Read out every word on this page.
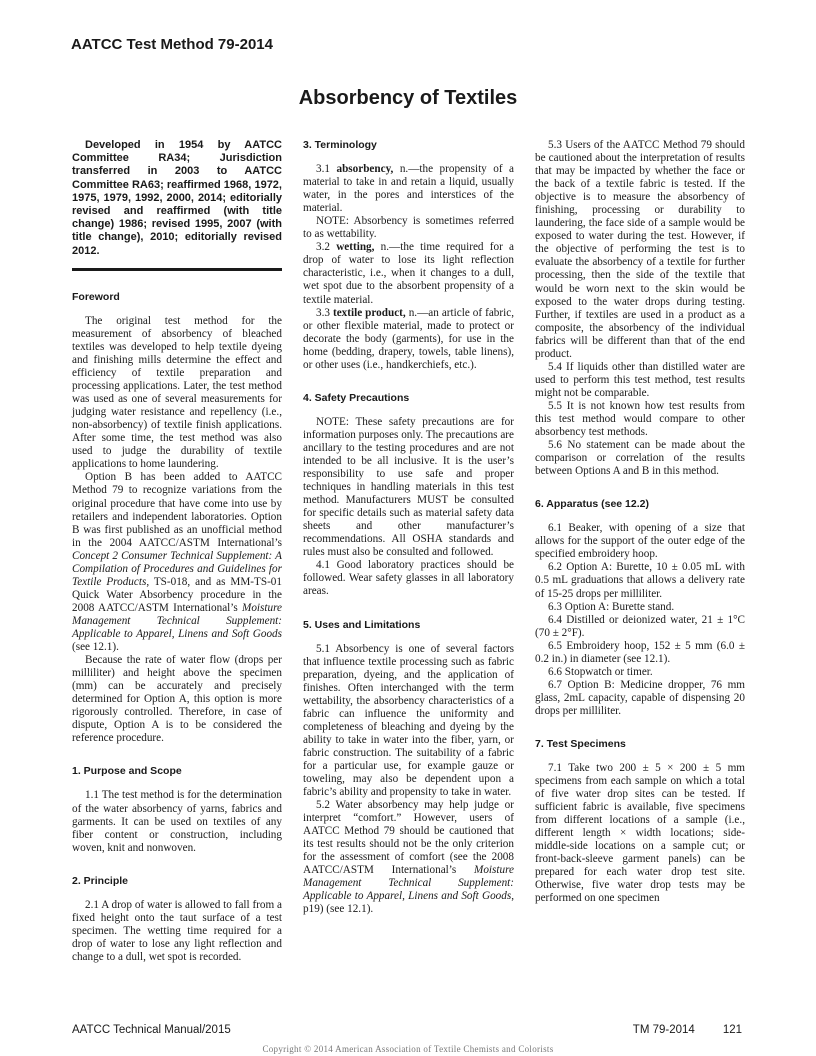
AATCC Test Method 79-2014
Absorbency of Textiles

Developed in 1954 by AATCC Committee RA34; Jurisdiction transferred in 2003 to AATCC Committee RA63; reaffirmed 1968, 1972, 1975, 1979, 1992, 2000, 2014; editorially revised and reaffirmed (with title change) 1986; revised 1995, 2007 (with title change), 2010; editorially revised 2012.

Foreword

The original test method for the measurement of absorbency of bleached textiles was developed to help textile dyeing and finishing mills determine the effect and efficiency of textile preparation and processing applications. Later, the test method was used as one of several measurements for judging water resistance and repellency (i.e., non-absorbency) of textile finish applications. After some time, the test method was also used to judge the durability of textile applications to home laundering.

Option B has been added to AATCC Method 79 to recognize variations from the original procedure that have come into use by retailers and independent laboratories. Option B was first published as an unofficial method in the 2004 AATCC/ASTM International’s Concept 2 Consumer Technical Supplement: A Compilation of Procedures and Guidelines for Textile Products, TS-018, and as MM-TS-01 Quick Water Absorbency procedure in the 2008 AATCC/ASTM International’s Moisture Management Technical Supplement: Applicable to Apparel, Linens and Soft Goods (see 12.1).

Because the rate of water flow (drops per milliliter) and height above the specimen (mm) can be accurately and precisely determined for Option A, this option is more rigorously controlled. Therefore, in case of dispute, Option A is to be considered the reference procedure.

1. Purpose and Scope

1.1 The test method is for the determination of the water absorbency of yarns, fabrics and garments. It can be used on textiles of any fiber content or construction, including woven, knit and nonwoven.

2. Principle

2.1 A drop of water is allowed to fall from a fixed height onto the taut surface of a test specimen. The wetting time required for a drop of water to lose any light reflection and change to a dull, wet spot is recorded.

3. Terminology

3.1 absorbency, n.—the propensity of a material to take in and retain a liquid, usually water, in the pores and interstices of the material.

NOTE: Absorbency is sometimes referred to as wettability.

3.2 wetting, n.—the time required for a drop of water to lose its light reflection characteristic, i.e., when it changes to a dull, wet spot due to the absorbent propensity of a textile material.

3.3 textile product, n.—an article of fabric, or other flexible material, made to protect or decorate the body (garments), for use in the home (bedding, drapery, towels, table linens), or other uses (i.e., handkerchiefs, etc.).

4. Safety Precautions

NOTE: These safety precautions are for information purposes only. The precautions are ancillary to the testing procedures and are not intended to be all inclusive. It is the user’s responsibility to use safe and proper techniques in handling materials in this test method. Manufacturers MUST be consulted for specific details such as material safety data sheets and other manufacturer’s recommendations. All OSHA standards and rules must also be consulted and followed.

4.1 Good laboratory practices should be followed. Wear safety glasses in all laboratory areas.

5. Uses and Limitations

5.1 Absorbency is one of several factors that influence textile processing such as fabric preparation, dyeing, and the application of finishes. Often interchanged with the term wettability, the absorbency characteristics of a fabric can influence the uniformity and completeness of bleaching and dyeing by the ability to take in water into the fiber, yarn, or fabric construction. The suitability of a fabric for a particular use, for example gauze or toweling, may also be dependent upon a fabric’s ability and propensity to take in water.

5.2 Water absorbency may help judge or interpret “comfort.” However, users of AATCC Method 79 should be cautioned that its test results should not be the only criterion for the assessment of comfort (see the 2008 AATCC/ASTM International’s Moisture Management Technical Supplement: Applicable to Apparel, Linens and Soft Goods, p19) (see 12.1).

5.3 Users of the AATCC Method 79 should be cautioned about the interpretation of results that may be impacted by whether the face or the back of a textile fabric is tested. If the objective is to measure the absorbency of finishing, processing or durability to laundering, the face side of a sample would be exposed to water during the test. However, if the objective of performing the test is to evaluate the absorbency of a textile for further processing, then the side of the textile that would be worn next to the skin would be exposed to the water drops during testing. Further, if textiles are used in a product as a composite, the absorbency of the individual fabrics will be different than that of the end product.

5.4 If liquids other than distilled water are used to perform this test method, test results might not be comparable.

5.5 It is not known how test results from this test method would compare to other absorbency test methods.

5.6 No statement can be made about the comparison or correlation of the results between Options A and B in this method.

6. Apparatus (see 12.2)

6.1 Beaker, with opening of a size that allows for the support of the outer edge of the specified embroidery hoop.

6.2 Option A: Burette, 10 ± 0.05 mL with 0.5 mL graduations that allows a delivery rate of 15-25 drops per milliliter.

6.3 Option A: Burette stand.

6.4 Distilled or deionized water, 21 ± 1°C (70 ± 2°F).

6.5 Embroidery hoop, 152 ± 5 mm (6.0 ± 0.2 in.) in diameter (see 12.1).

6.6 Stopwatch or timer.

6.7 Option B: Medicine dropper, 76 mm glass, 2mL capacity, capable of dispensing 20 drops per milliliter.

7. Test Specimens

7.1 Take two 200 ± 5 × 200 ± 5 mm specimens from each sample on which a total of five water drop sites can be tested. If sufficient fabric is available, five specimens from different locations of a sample (i.e., different length × width locations; side-middle-side locations on a sample cut; or front-back-sleeve garment panels) can be prepared for each water drop test site. Otherwise, five water drop tests may be performed on one specimen

AATCC Technical Manual/2015	TM 79-2014 121
Copyright © 2014 American Association of Textile Chemists and Colorists
